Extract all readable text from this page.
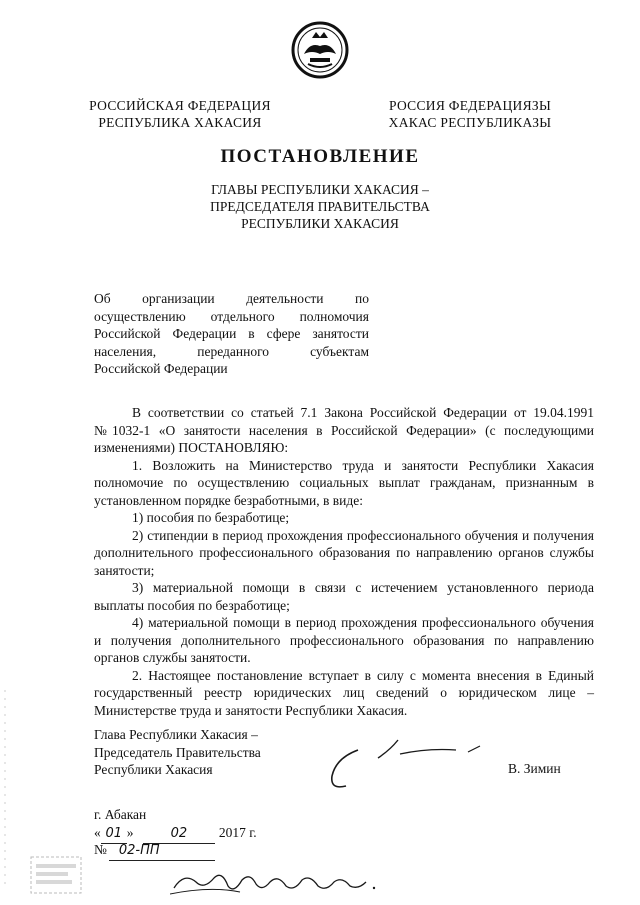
РОССИЙСКАЯ ФЕДЕРАЦИЯ
РЕСПУБЛИКА ХАКАСИЯ
РОССИЯ ФЕДЕРАЦИЯЗЫ
ХАКАС РЕСПУБЛИКАЗЫ
ПОСТАНОВЛЕНИЕ
ГЛАВЫ РЕСПУБЛИКИ ХАКАСИЯ –
ПРЕДСЕДАТЕЛЯ ПРАВИТЕЛЬСТВА
РЕСПУБЛИКИ ХАКАСИЯ
Об организации деятельности по осуществлению отдельного полномочия Российской Федерации в сфере занятости населения, переданного субъектам
Российской Федерации

В соответствии со статьей 7.1 Закона Российской Федерации от 19.04.1991 №1032-1 «О занятости населения в Российской Федерации» (с последующими изменениями) ПОСТАНОВЛЯЮ:

1. Возложить на Министерство труда и занятости Республики Хакасия полномочие по осуществлению социальных выплат гражданам, признанным в установленном порядке безработными, в виде:

1) пособия по безработице;

2) стипендии в период прохождения профессионального обучения и получения дополнительного профессионального образования по направлению органов службы занятости;

3) материальной помощи в связи с истечением установленного периода выплаты пособия по безработице;

4) материальной помощи в период прохождения профессионального обучения и получения дополнительного профессионального образования по направлению органов службы занятости.

2. Настоящее постановление вступает в силу с момента внесения в Единый государственный реестр юридических лиц сведений о юридическом лице – Министерстве труда и занятости Республики Хакасия.

Глава Республики Хакасия –
Председатель Правительства
Республики Хакасия	В. Зимин
г. Абакан
« 01 »	02 2017 г.
№ 02-ПП
